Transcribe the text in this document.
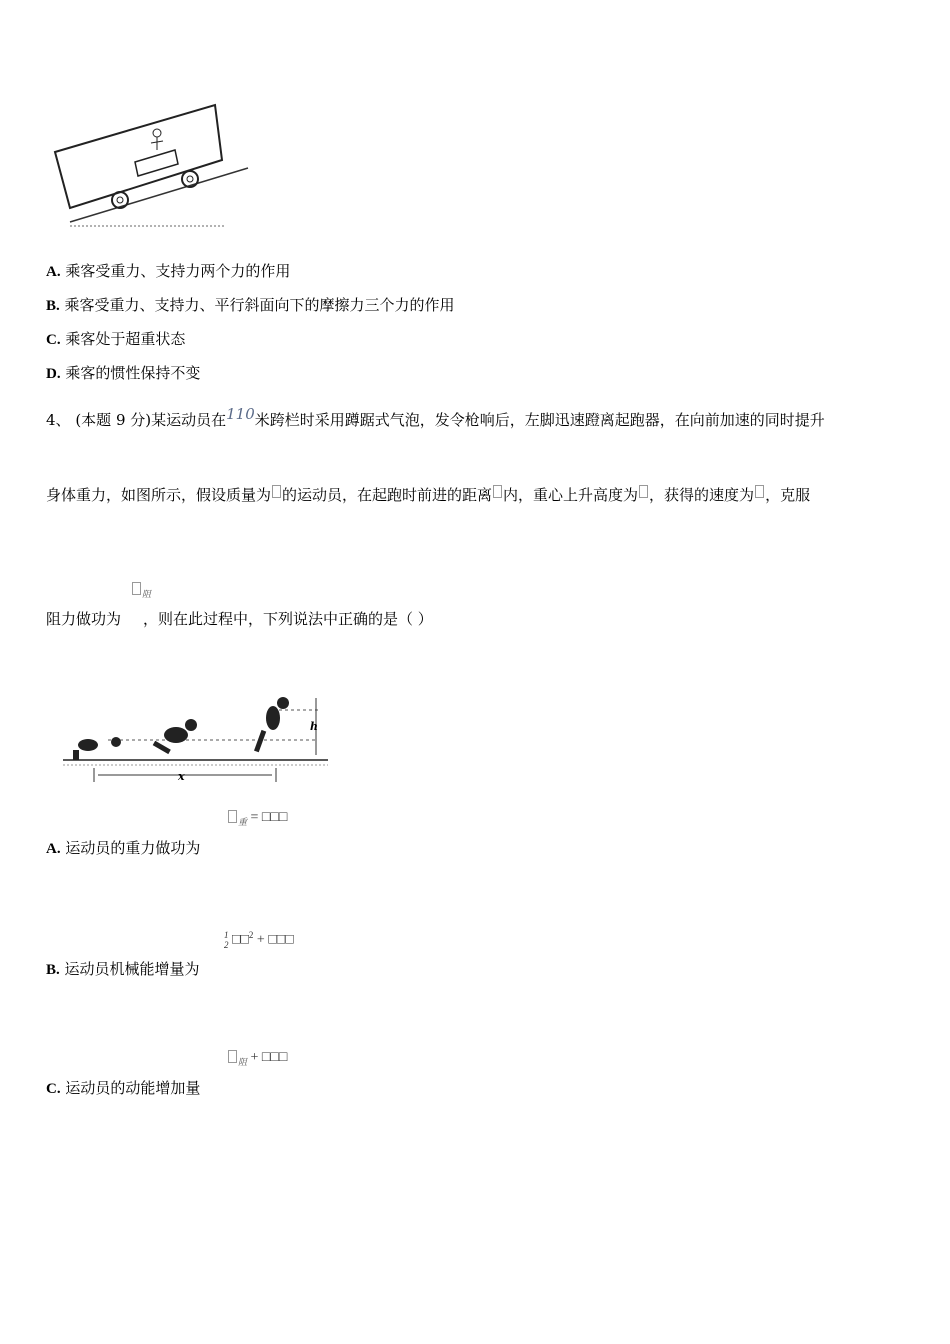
A. 乘客受重力、支持力两个力的作用
B. 乘客受重力、支持力、平行斜面向下的摩擦力三个力的作用
C. 乘客处于超重状态
D. 乘客的惯性保持不变
4、 (本题 9 分)某运动员在110米跨栏时采用蹲踞式气泡，发令枪响后，左脚迅速蹬离起跑器，在向前加速的同时提升
身体重力，如图所示，假设质量为 的运动员，在起跑时前进的距离 内，重心上升高度为 ，获得的速度为 ，克服
$_阻$
阻力做功为 ，则在此过程中，下列说法中正确的是（ ）
h
x
$_重$ = □□□
A. 运动员的重力做功为
1
2 □□$^2$ + □□□
B. 运动员机械能增量为
$_阻$ + □□□
C. 运动员的动能增加量
